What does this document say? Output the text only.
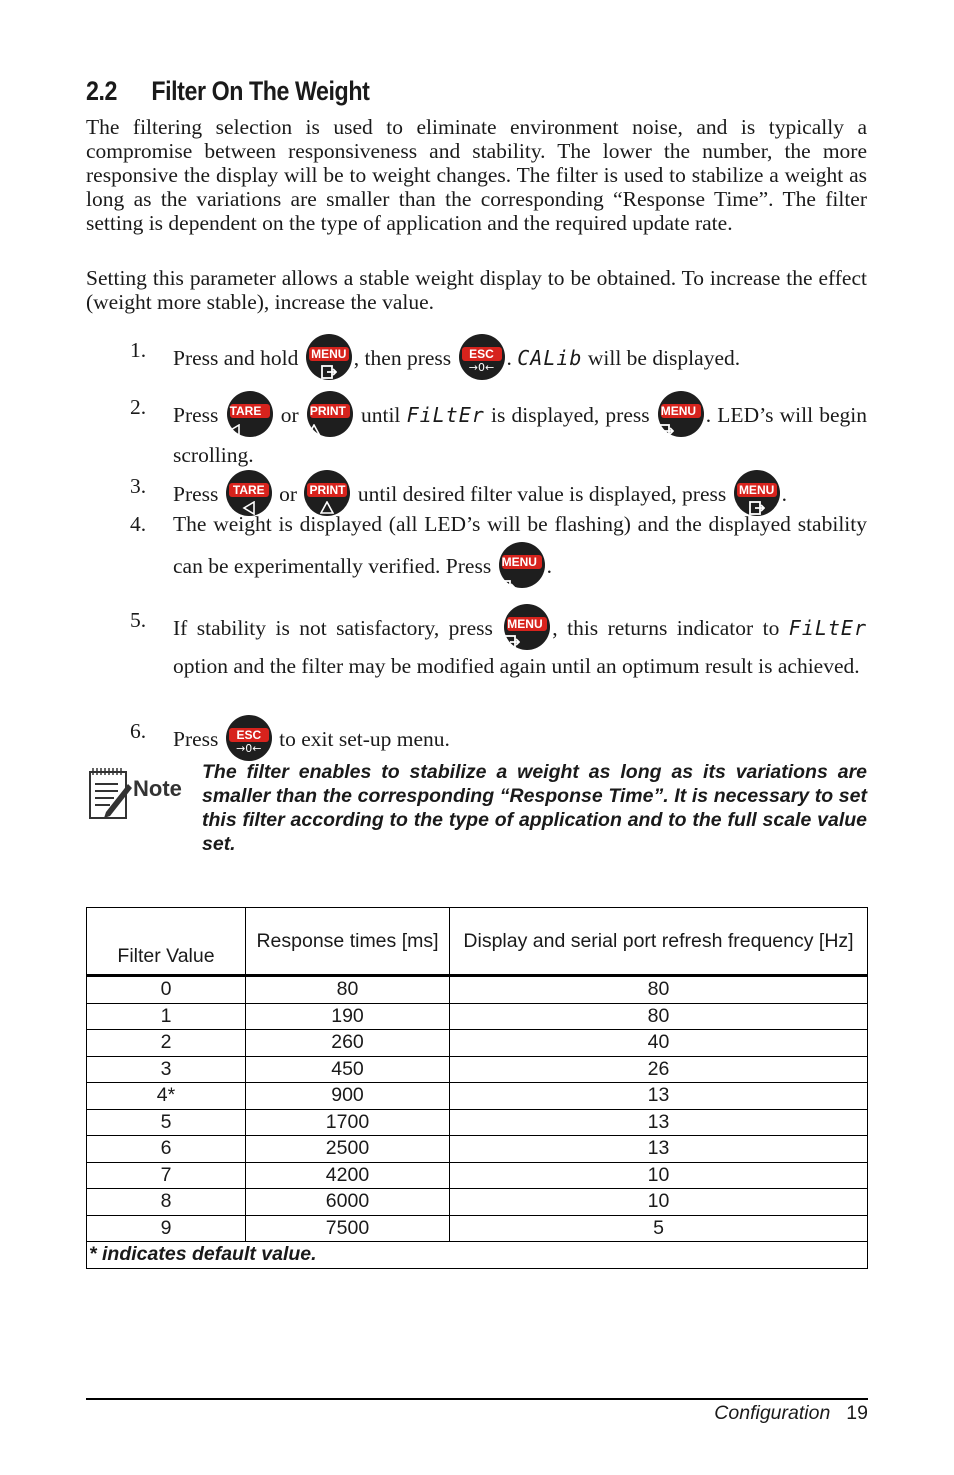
2.2 Filter On The Weight

The filtering selection is used to eliminate environment noise, and is typically a compromise between responsiveness and stability. The lower the number, the more responsive the display will be to weight changes. The filter is used to stabilize a weight as long as the variations are smaller than the corresponding “Response Time”. The filter setting is dependent on the type of application and the required update rate.

Setting this parameter allows a stable weight display to be obtained. To increase the effect (weight more stable), increase the value.

1. Press and hold MENU , then press	ESC
→0← . CALib will be displayed.
2. Press TARE or PRINT until FiLtEr is displayed, press MENU . LED’s will begin scrolling.
3. Press TARE or PRINT until desired filter value is displayed, press MENU .
4. The weight is displayed (all LED’s will be flashing) and the displayed stability can be experimentally verified. Press MENU .
5. If stability is not satisfactory, press MENU , this returns indicator to FiLtEr option and the filter may be modified again until an optimum result is achieved.
6. Press	ESC
→0← to exit set-up menu.
Note

The filter enables to stabilize a weight as long as its variations are smaller than the corresponding “Response Time”. It is necessary to set this filter according to the type of application and to the full scale value set.

Filter Value	Response times [ms]	Display and serial port refresh frequency [Hz]
0	80	80
1	190	80
2	260	40
3	450	26
4*	900	13
5	1700	13
6	2500	13
7	4200	10
8	6000	10
9	7500	5
* indicates default value.		
Configuration 19
